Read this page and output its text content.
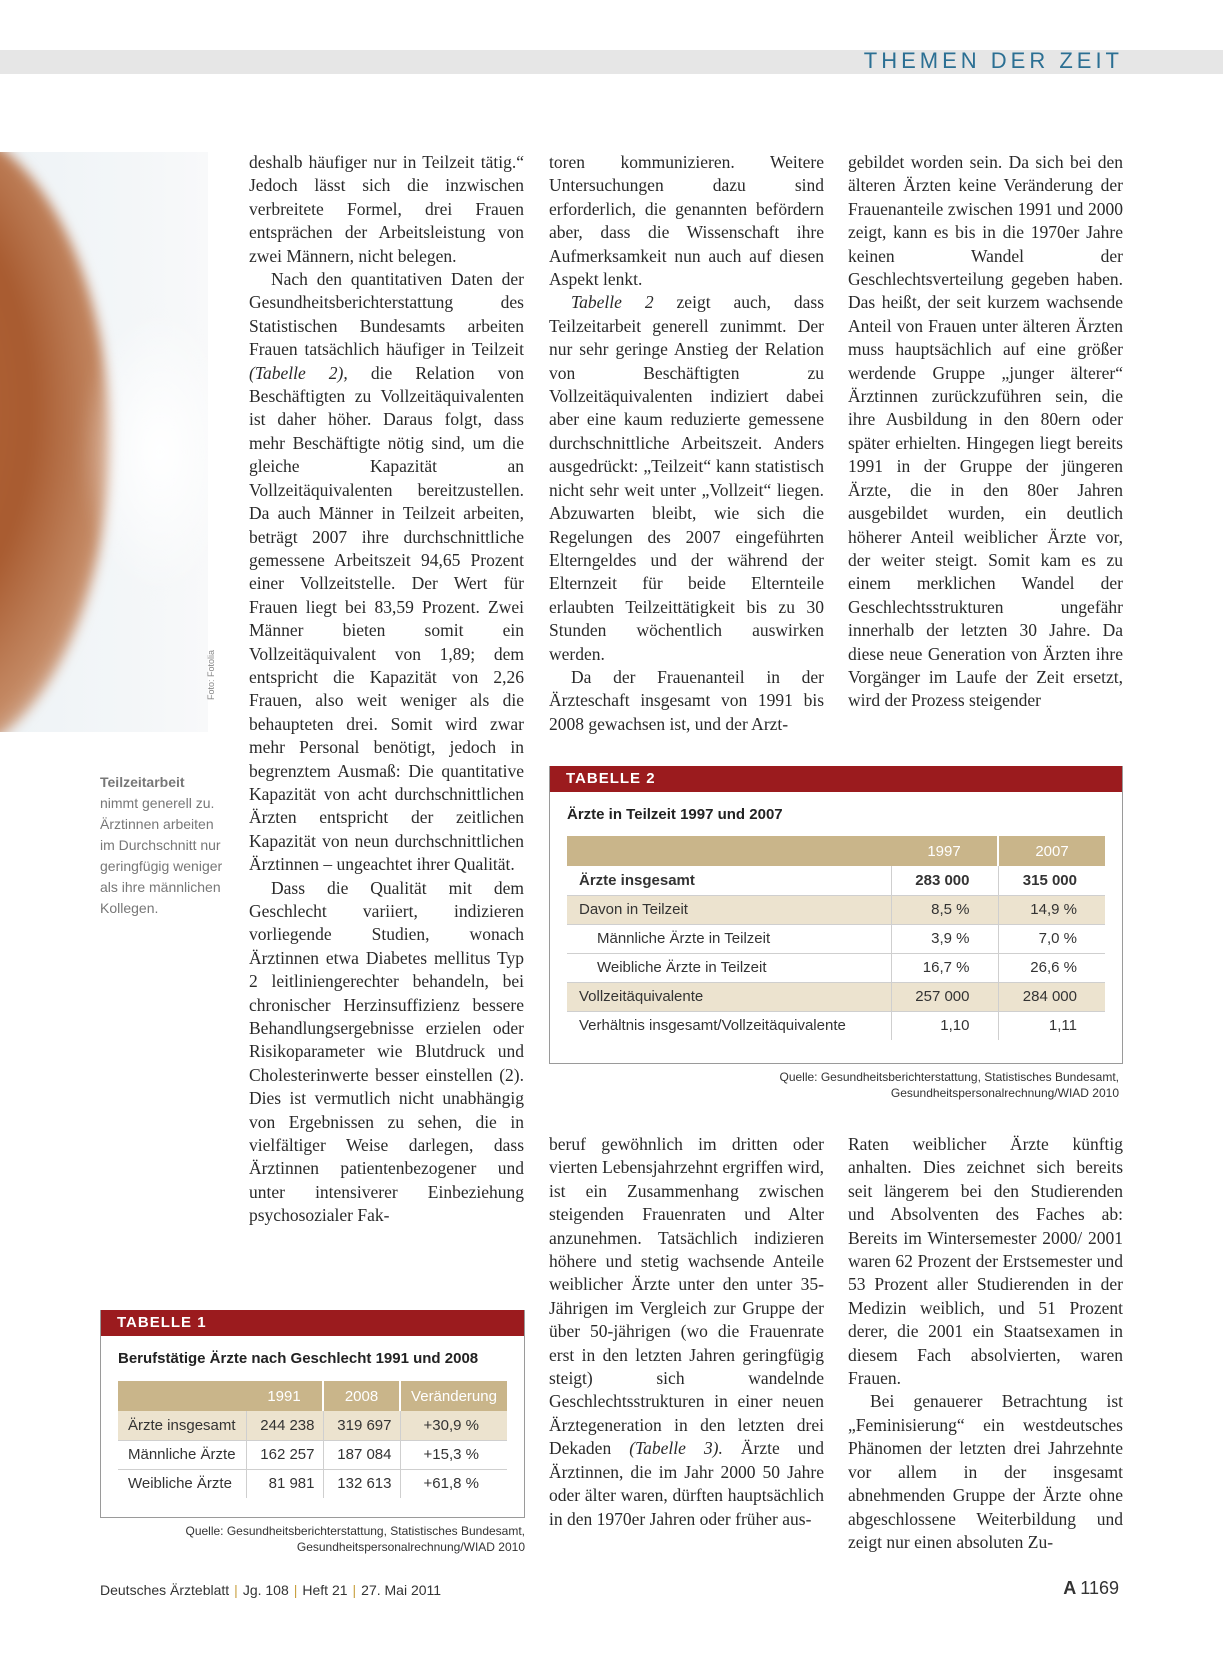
THEMEN DER ZEIT
Foto: Fotolia
Teilzeitarbeit
nimmt generell zu. Ärztinnen arbeiten im Durchschnitt nur geringfügig weniger als ihre männlichen Kollegen.

deshalb häufiger nur in Teilzeit tätig.“ Jedoch lässt sich die inzwischen verbreitete Formel, drei Frauen entsprächen der Arbeitsleistung von zwei Männern, nicht belegen.

Nach den quantitativen Daten der Gesundheitsberichterstattung des Statistischen Bundesamts arbeiten Frauen tatsächlich häufiger in Teilzeit (Tabelle 2), die Relation von Beschäftigten zu Vollzeitäquivalenten ist daher höher. Daraus folgt, dass mehr Beschäftigte nötig sind, um die gleiche Kapazität an Vollzeitäquivalenten bereitzustellen. Da auch Männer in Teilzeit arbeiten, beträgt 2007 ihre durchschnittliche gemessene Arbeitszeit 94,65 Prozent einer Vollzeitstelle. Der Wert für Frauen liegt bei 83,59 Prozent. Zwei Männer bieten somit ein Vollzeitäquivalent von 1,89; dem entspricht die Kapazität von 2,26 Frauen, also weit weniger als die behaupteten drei. Somit wird zwar mehr Personal benötigt, jedoch in begrenztem Ausmaß: Die quantitative Kapazität von acht durchschnittlichen Ärzten entspricht der zeitlichen Kapazität von neun durchschnittlichen Ärztinnen – ungeachtet ihrer Qualität.

Dass die Qualität mit dem Geschlecht variiert, indizieren vorliegende Studien, wonach Ärztinnen etwa Diabetes mellitus Typ 2 leitliniengerechter behandeln, bei chronischer Herzinsuffizienz bessere Behandlungsergebnisse erzielen oder Risikoparameter wie Blutdruck und Cholesterinwerte besser einstellen (2). Dies ist vermutlich nicht unabhängig von Ergebnissen zu sehen, die in vielfältiger Weise darlegen, dass Ärztinnen patientenbezogener und unter intensiverer Einbeziehung psychosozialer Fak-

toren kommunizieren. Weitere Untersuchungen dazu sind erforderlich, die genannten befördern aber, dass die Wissenschaft ihre Aufmerksamkeit nun auch auf diesen Aspekt lenkt.

Tabelle 2 zeigt auch, dass Teilzeitarbeit generell zunimmt. Der nur sehr geringe Anstieg der Relation von Beschäftigten zu Vollzeitäquivalenten indiziert dabei aber eine kaum reduzierte gemessene durchschnittliche Arbeitszeit. Anders ausgedrückt: „Teilzeit“ kann statistisch nicht sehr weit unter „Vollzeit“ liegen. Abzuwarten bleibt, wie sich die Regelungen des 2007 eingeführten Elterngeldes und der während der Elternzeit für beide Elternteile erlaubten Teilzeittätigkeit bis zu 30 Stunden wöchentlich auswirken werden.

Da der Frauenanteil in der Ärzteschaft insgesamt von 1991 bis 2008 gewachsen ist, und der Arzt-

gebildet worden sein. Da sich bei den älteren Ärzten keine Veränderung der Frauenanteile zwischen 1991 und 2000 zeigt, kann es bis in die 1970er Jahre keinen Wandel der Geschlechtsverteilung gegeben haben. Das heißt, der seit kurzem wachsende Anteil von Frauen unter älteren Ärzten muss hauptsächlich auf eine größer werdende Gruppe „junger älterer“ Ärztinnen zurückzuführen sein, die ihre Ausbildung in den 80ern oder später erhielten. Hingegen liegt bereits 1991 in der Gruppe der jüngeren Ärzte, die in den 80er Jahren ausgebildet wurden, ein deutlich höherer Anteil weiblicher Ärzte vor, der weiter steigt. Somit kam es zu einem merklichen Wandel der Geschlechtsstrukturen ungefähr innerhalb der letzten 30 Jahre. Da diese neue Generation von Ärzten ihre Vorgänger im Laufe der Zeit ersetzt, wird der Prozess steigender

TABELLE 2
Ärzte in Teilzeit 1997 und 2007
	1997	2007
Ärzte insgesamt	283 000	315 000
Davon in Teilzeit	8,5 %	14,9 %
Männliche Ärzte in Teilzeit	3,9 %	7,0 %
Weibliche Ärzte in Teilzeit	16,7 %	26,6 %
Vollzeitäquivalente	257 000	284 000
Verhältnis insgesamt/Vollzeitäquivalente	1,10	1,11
Quelle: Gesundheitsberichterstattung, Statistisches Bundesamt,
Gesundheitspersonalrechnung/WIAD 2010

beruf gewöhnlich im dritten oder vierten Lebensjahrzehnt ergriffen wird, ist ein Zusammenhang zwischen steigenden Frauenraten und Alter anzunehmen. Tatsächlich indizieren höhere und stetig wachsende Anteile weiblicher Ärzte unter den unter 35-Jährigen im Vergleich zur Gruppe der über 50-jährigen (wo die Frauenrate erst in den letzten Jahren geringfügig steigt) sich wandelnde Geschlechtsstrukturen in einer neuen Ärztegeneration in den letzten drei Dekaden (Tabelle 3). Ärzte und Ärztinnen, die im Jahr 2000 50 Jahre oder älter waren, dürften hauptsächlich in den 1970er Jahren oder früher aus-

Raten weiblicher Ärzte künftig anhalten. Dies zeichnet sich bereits seit längerem bei den Studierenden und Absolventen des Faches ab: Bereits im Wintersemester 2000/ 2001 waren 62 Prozent der Erstsemester und 53 Prozent aller Studierenden in der Medizin weiblich, und 51 Prozent derer, die 2001 ein Staatsexamen in diesem Fach absolvierten, waren Frauen.

Bei genauerer Betrachtung ist „Feminisierung“ ein westdeutsches Phänomen der letzten drei Jahrzehnte vor allem in der insgesamt abnehmenden Gruppe der Ärzte ohne abgeschlossene Weiterbildung und zeigt nur einen absoluten Zu-

TABELLE 1
Berufstätige Ärzte nach Geschlecht 1991 und 2008
	1991	2008	Veränderung
Ärzte insgesamt	244 238	319 697	+30,9 %
Männliche Ärzte	162 257	187 084	+15,3 %
Weibliche Ärzte	81 981	132 613	+61,8 %
Quelle: Gesundheitsberichterstattung, Statistisches Bundesamt,
Gesundheitspersonalrechnung/WIAD 2010
Deutsches Ärzteblatt | Jg. 108 | Heft 21 | 27. Mai 2011	A 1169
